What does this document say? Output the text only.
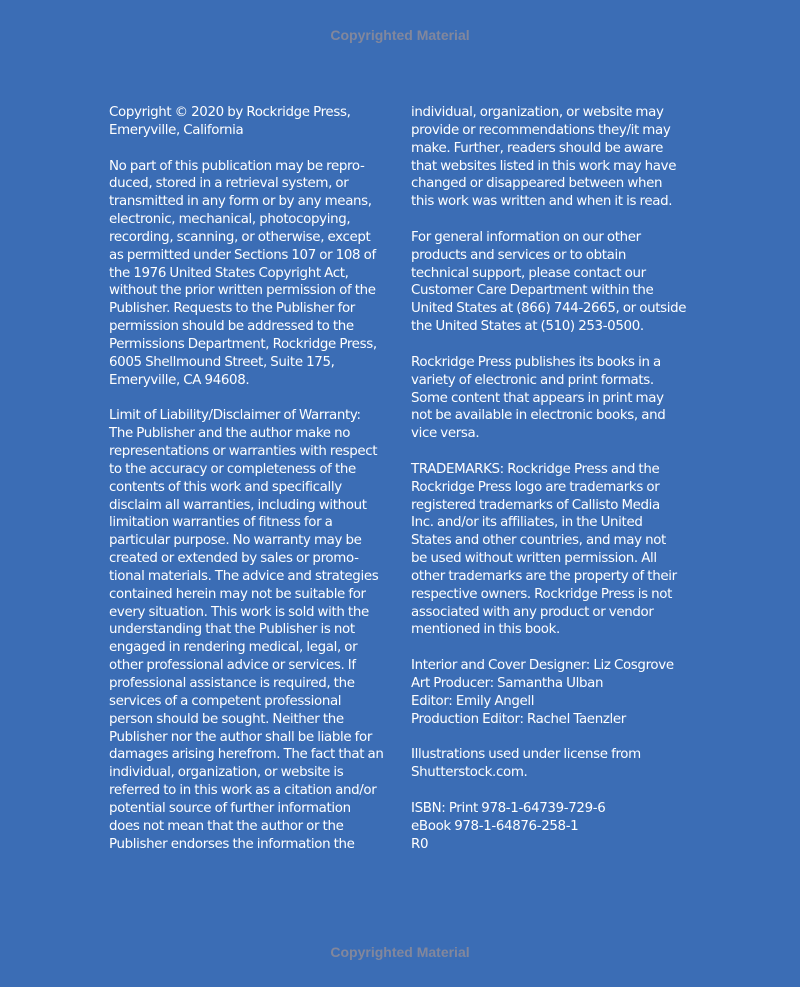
Copyrighted Material

Copyright © 2020 by Rockridge Press,
Emeryville, California

No part of this publication may be repro-
duced, stored in a retrieval system, or
transmitted in any form or by any means,
electronic, mechanical, photocopying,
recording, scanning, or otherwise, except
as permitted under Sections 107 or 108 of
the 1976 United States Copyright Act,
without the prior written permission of the
Publisher. Requests to the Publisher for
permission should be addressed to the
Permissions Department, Rockridge Press,
6005 Shellmound Street, Suite 175,
Emeryville, CA 94608.

Limit of Liability/Disclaimer of Warranty:
The Publisher and the author make no
representations or warranties with respect
to the accuracy or completeness of the
contents of this work and specifically
disclaim all warranties, including without
limitation warranties of fitness for a
particular purpose. No warranty may be
created or extended by sales or promo-
tional materials. The advice and strategies
contained herein may not be suitable for
every situation. This work is sold with the
understanding that the Publisher is not
engaged in rendering medical, legal, or
other professional advice or services. If
professional assistance is required, the
services of a competent professional
person should be sought. Neither the
Publisher nor the author shall be liable for
damages arising herefrom. The fact that an
individual, organization, or website is
referred to in this work as a citation and/or
potential source of further information
does not mean that the author or the
Publisher endorses the information the

individual, organization, or website may
provide or recommendations they/it may
make. Further, readers should be aware
that websites listed in this work may have
changed or disappeared between when
this work was written and when it is read.

For general information on our other
products and services or to obtain
technical support, please contact our
Customer Care Department within the
United States at (866) 744-2665, or outside
the United States at (510) 253-0500.

Rockridge Press publishes its books in a
variety of electronic and print formats.
Some content that appears in print may
not be available in electronic books, and
vice versa.

TRADEMARKS: Rockridge Press and the
Rockridge Press logo are trademarks or
registered trademarks of Callisto Media
Inc. and/or its affiliates, in the United
States and other countries, and may not
be used without written permission. All
other trademarks are the property of their
respective owners. Rockridge Press is not
associated with any product or vendor
mentioned in this book.

Interior and Cover Designer: Liz Cosgrove
Art Producer: Samantha Ulban
Editor: Emily Angell
Production Editor: Rachel Taenzler

Illustrations used under license from
Shutterstock.com.

ISBN: Print 978-1-64739-729-6
eBook 978-1-64876-258-1
R0

Copyrighted Material
